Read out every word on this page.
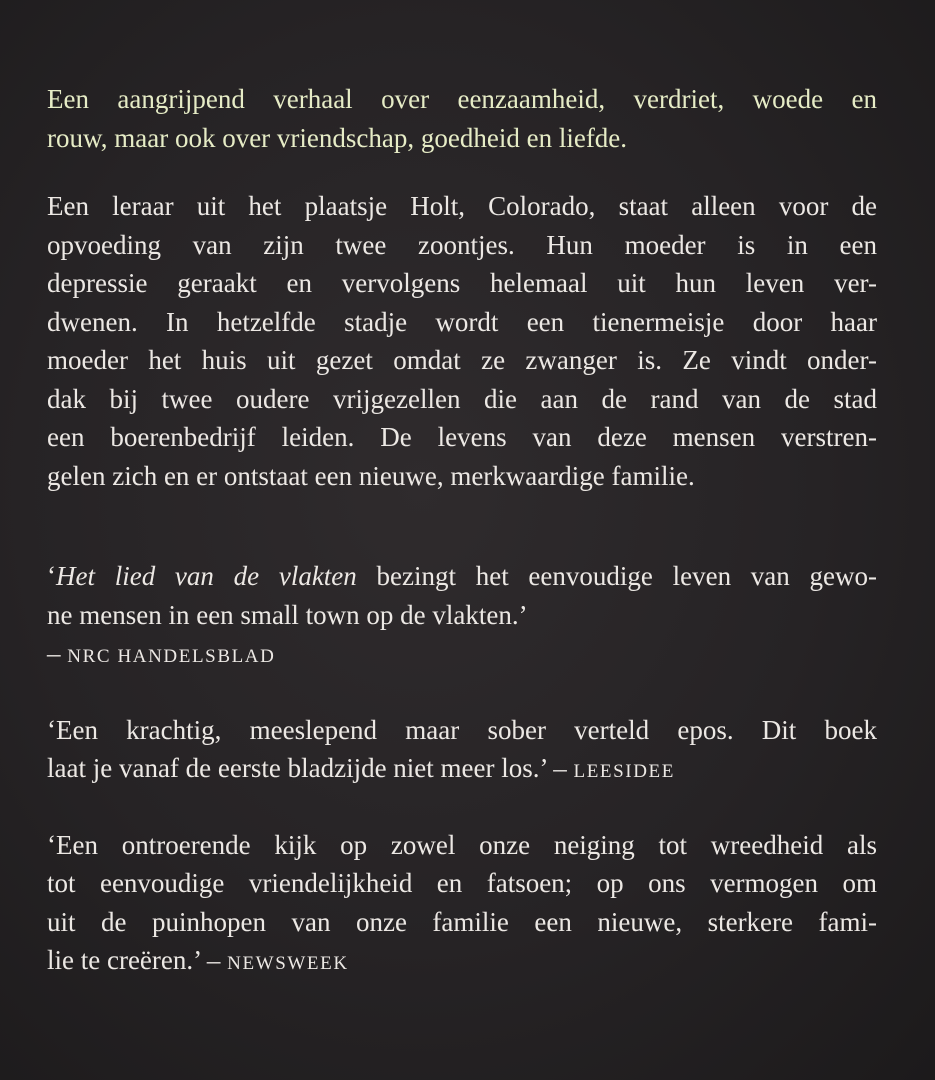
Een aangrijpend verhaal over eenzaamheid, verdriet, woede en
rouw, maar ook over vriendschap, goedheid en liefde.
Een leraar uit het plaatsje Holt, Colorado, staat alleen voor de
opvoeding van zijn twee zoontjes. Hun moeder is in een
depressie geraakt en vervolgens helemaal uit hun leven ver-
dwenen. In hetzelfde stadje wordt een tienermeisje door haar
moeder het huis uit gezet omdat ze zwanger is. Ze vindt onder-
dak bij twee oudere vrijgezellen die aan de rand van de stad
een boerenbedrijf leiden. De levens van deze mensen verstren-
gelen zich en er ontstaat een nieuwe, merkwaardige familie.
‘Het lied van de vlakten bezingt het eenvoudige leven van gewo-
ne mensen in een small town op de vlakten.’
– NRC HANDELSBLAD
‘Een krachtig, meeslepend maar sober verteld epos. Dit boek
laat je vanaf de eerste bladzijde niet meer los.’ – LEESIDEE
‘Een ontroerende kijk op zowel onze neiging tot wreedheid als
tot eenvoudige vriendelijkheid en fatsoen; op ons vermogen om
uit de puinhopen van onze familie een nieuwe, sterkere fami-
lie te creëren.’ – NEWSWEEK
